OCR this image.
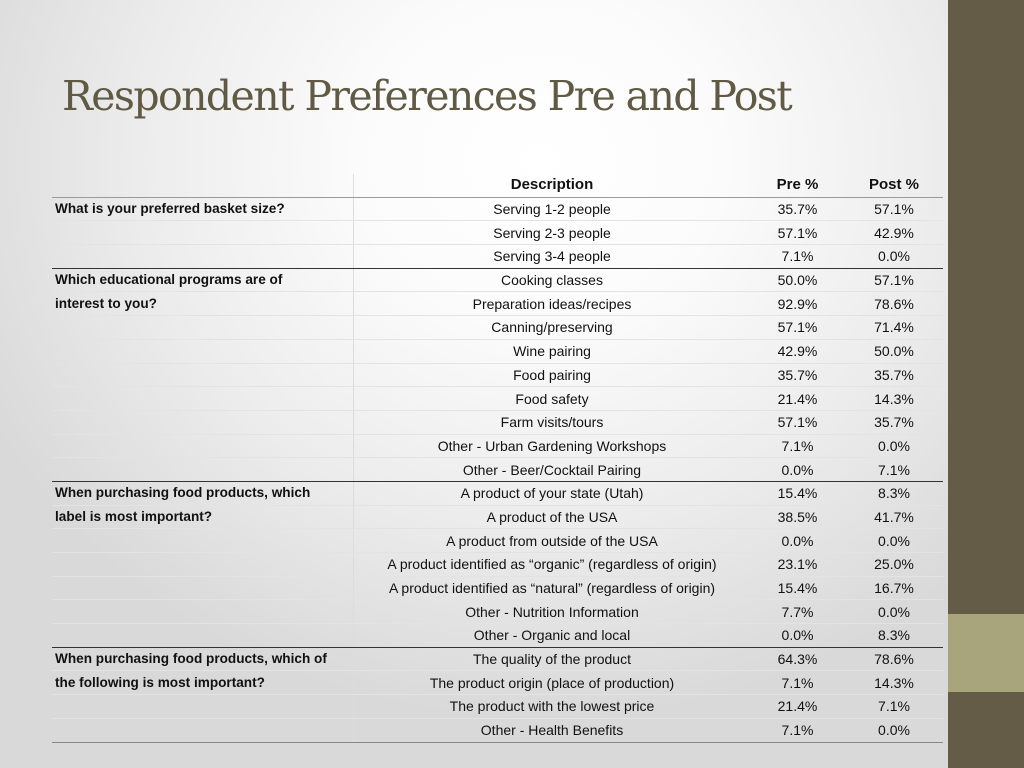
Respondent Preferences Pre and Post
	Description	Pre %	Post %
What is your preferred basket size?	Serving 1-2 people	35.7%	57.1%
	Serving 2-3 people	57.1%	42.9%
	Serving 3-4 people	7.1%	0.0%
Which educational programs are of	Cooking classes	50.0%	57.1%
interest to you?	Preparation ideas/recipes	92.9%	78.6%
	Canning/preserving	57.1%	71.4%
	Wine pairing	42.9%	50.0%
	Food pairing	35.7%	35.7%
	Food safety	21.4%	14.3%
	Farm visits/tours	57.1%	35.7%
	Other - Urban Gardening Workshops	7.1%	0.0%
	Other - Beer/Cocktail Pairing	0.0%	7.1%
When purchasing food products, which	A product of your state (Utah)	15.4%	8.3%
label is most important?	A product of the USA	38.5%	41.7%
	A product from outside of the USA	0.0%	0.0%
	A product identified as “organic” (regardless of origin)	23.1%	25.0%
	A product identified as “natural” (regardless of origin)	15.4%	16.7%
	Other - Nutrition Information	7.7%	0.0%
	Other - Organic and local	0.0%	8.3%
When purchasing food products, which of	The quality of the product	64.3%	78.6%
the following is most important?	The product origin (place of production)	7.1%	14.3%
	The product with the lowest price	21.4%	7.1%
	Other - Health Benefits	7.1%	0.0%
